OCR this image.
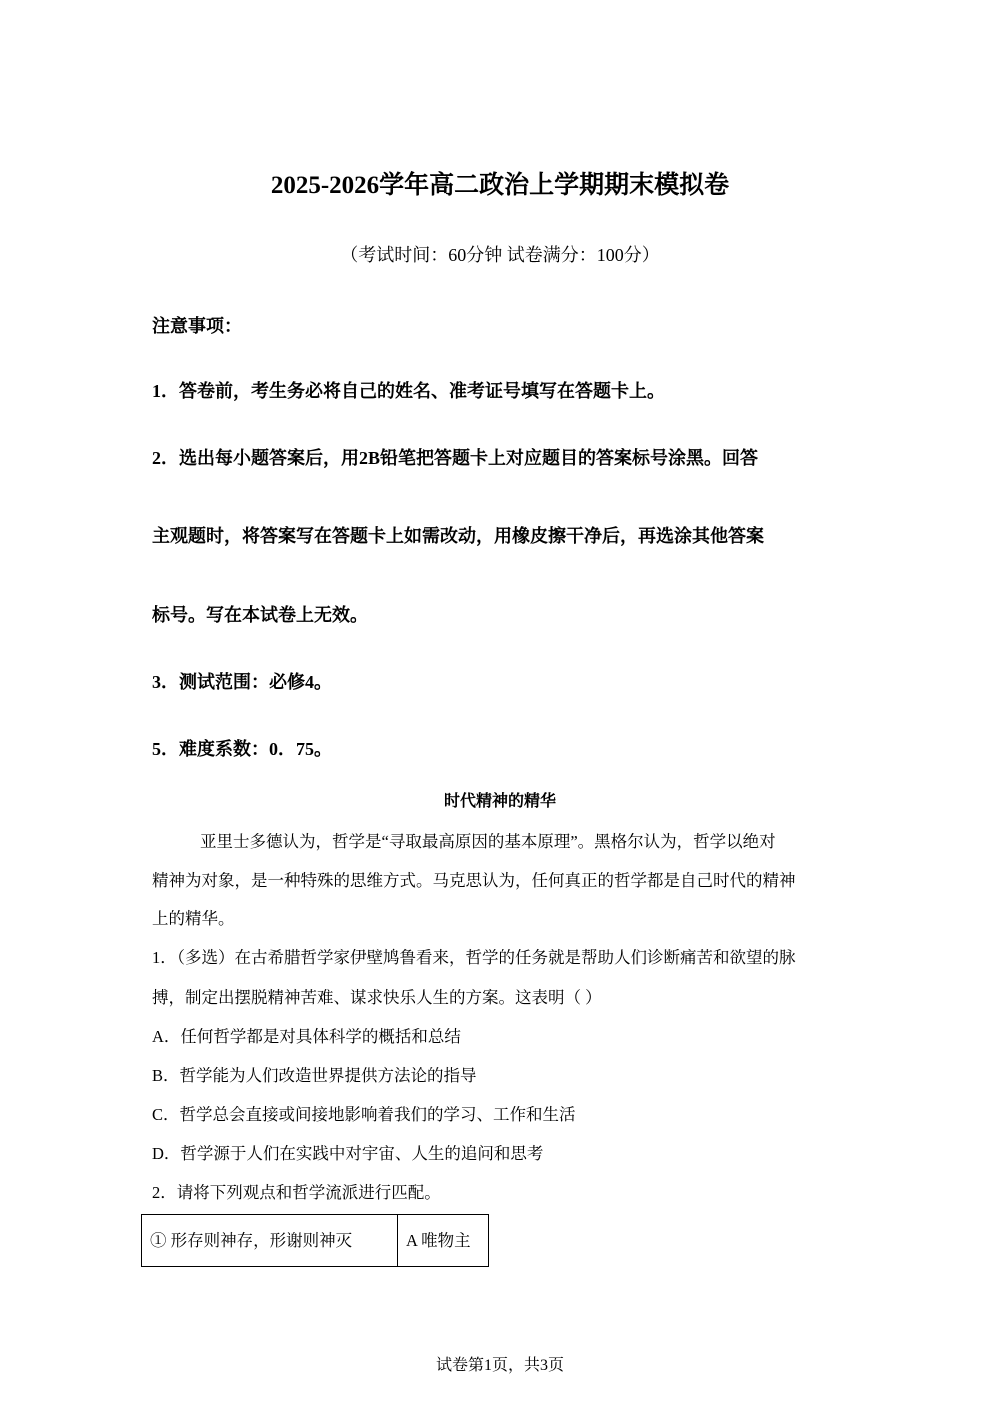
2025-2026学年高二政治上学期期末模拟卷
（考试时间：60分钟 试卷满分：100分）
注意事项：
1．答卷前，考生务必将自己的姓名、准考证号填写在答题卡上。
2．选出每小题答案后，用2B铅笔把答题卡上对应题目的答案标号涂黑。回答
主观题时，将答案写在答题卡上如需改动，用橡皮擦干净后，再选涂其他答案
标号。写在本试卷上无效。
3．测试范围：必修4。
5．难度系数：0．75。
时代精神的精华
亚里士多德认为，哲学是“寻取最高原因的基本原理”。黑格尔认为，哲学以绝对
精神为对象，是一种特殊的思维方式。马克思认为，任何真正的哲学都是自己时代的精神
上的精华。
1．（多选）在古希腊哲学家伊壁鸠鲁看来，哲学的任务就是帮助人们诊断痛苦和欲望的脉
搏，制定出摆脱精神苦难、谋求快乐人生的方案。这表明（ ）
A．任何哲学都是对具体科学的概括和总结
B．哲学能为人们改造世界提供方法论的指导
C．哲学总会直接或间接地影响着我们的学习、工作和生活
D．哲学源于人们在实践中对宇宙、人生的追问和思考
2．请将下列观点和哲学流派进行匹配。
① 形存则神存，形谢则神灭	A 唯物主
试卷第1页，共3页
